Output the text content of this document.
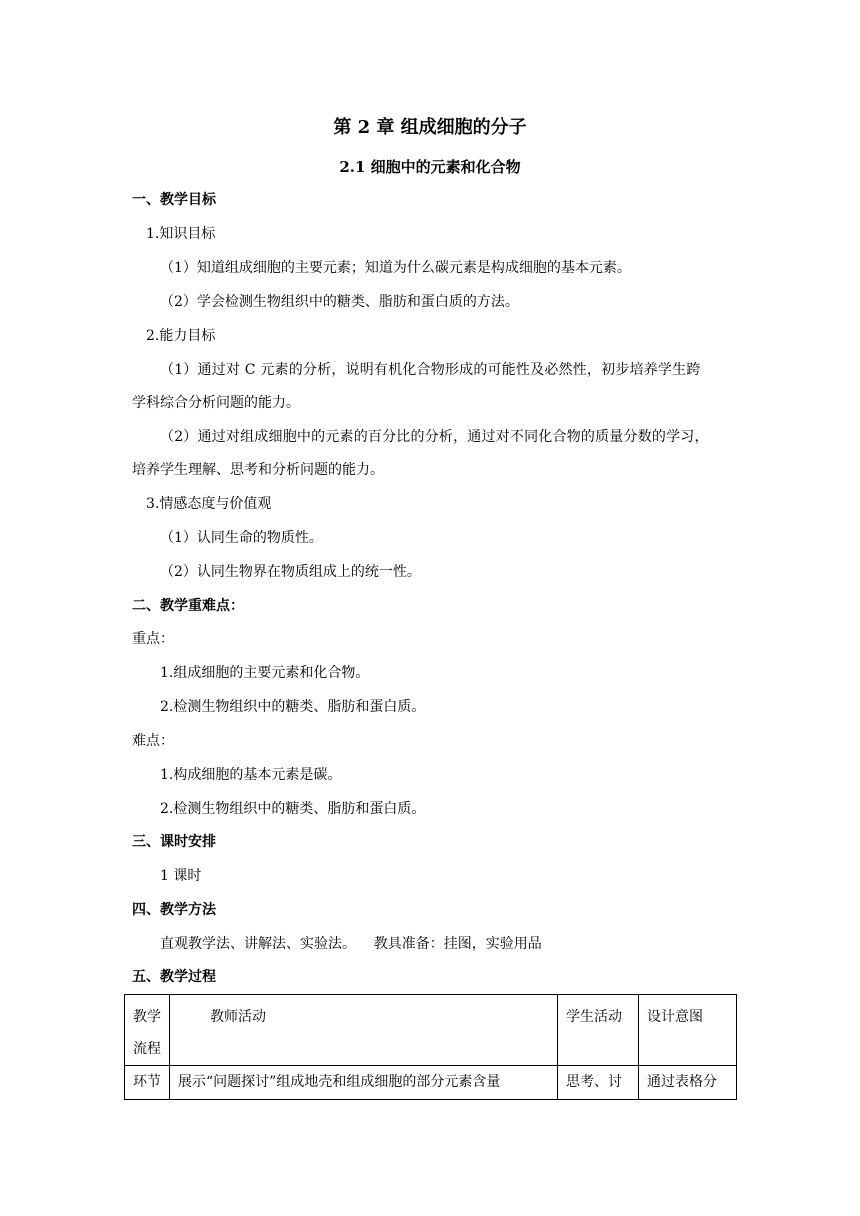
第 2 章 组成细胞的分子
2.1 细胞中的元素和化合物
一、教学目标
1.知识目标
（1）知道组成细胞的主要元素；知道为什么碳元素是构成细胞的基本元素。
（2）学会检测生物组织中的糖类、脂肪和蛋白质的方法。
2.能力目标
（1）通过对 C 元素的分析，说明有机化合物形成的可能性及必然性，初步培养学生跨
学科综合分析问题的能力。
（2）通过对组成细胞中的元素的百分比的分析，通过对不同化合物的质量分数的学习，
培养学生理解、思考和分析问题的能力。
3.情感态度与价值观
（1）认同生命的物质性。
（2）认同生物界在物质组成上的统一性。
二、教学重难点：
重点：
1.组成细胞的主要元素和化合物。
2.检测生物组织中的糖类、脂肪和蛋白质。
难点：
1.构成细胞的基本元素是碳。
2.检测生物组织中的糖类、脂肪和蛋白质。
三、课时安排
1 课时
四、教学方法
直观教学法、讲解法、实验法。    教具准备：挂图，实验用品
五、教学过程
教学
流程	教师活动	学生活动	设计意图

环节	展示“问题探讨”组成地壳和组成细胞的部分元素含量	思考、讨	通过表格分
